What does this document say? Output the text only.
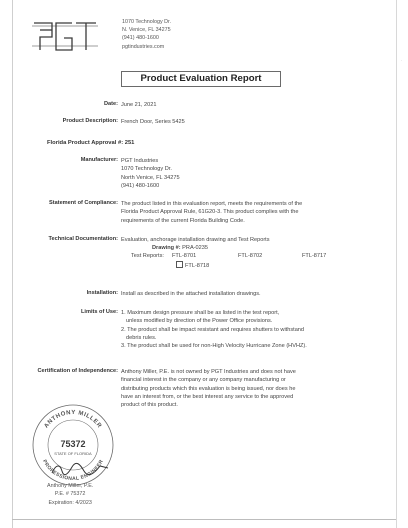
·
1070 Technology Dr.
N. Venice, FL 34275
(941) 480-1600
pgtindustries.com
Product Evaluation Report
Date: June 21, 2021
Product Description: French Door, Series 5425
Florida Product Approval #: 251
Manufacturer: PGT Industries
1070 Technology Dr.
North Venice, FL 34275
(941) 480-1600
Statement of Compliance: The product listed in this evaluation report, meets the requirements of the
Florida Product Approval Rule, 61G20-3. This product complies with the
requirements of the current Florida Building Code.
Technical Documentation: Evaluation, anchorage installation drawing and Test Reports
Drawing #: PRA-0235
Test Reports: FTL-8701	FTL-8702	FTL-8717
FTL-8718
Installation: Install as described in the attached installation drawings.
Limits of Use: 1. Maximum design pressure shall be as listed in the test report,
unless modified by direction of the Power Office provisions.
2. The product shall be impact resistant and requires shutters to withstand
debris rules.
3. The product shall be used for non-High Velocity Hurricane Zone (HVHZ).
Certification of Independence: Anthony Miller, P.E. is not owned by PGT Industries and does not have
financial interest in the company or any company manufacturing or
distributing products which this evaluation is being issued, nor does he
have an interest from, or the best interest any service to the approved
product of this product.
ANTHONY MILLER
PROFESSIONAL ENGINEER
75372
STATE OF FLORIDA
Anthony Miller, P.E.
P.E. # 75372
Expiration: 4/2023
